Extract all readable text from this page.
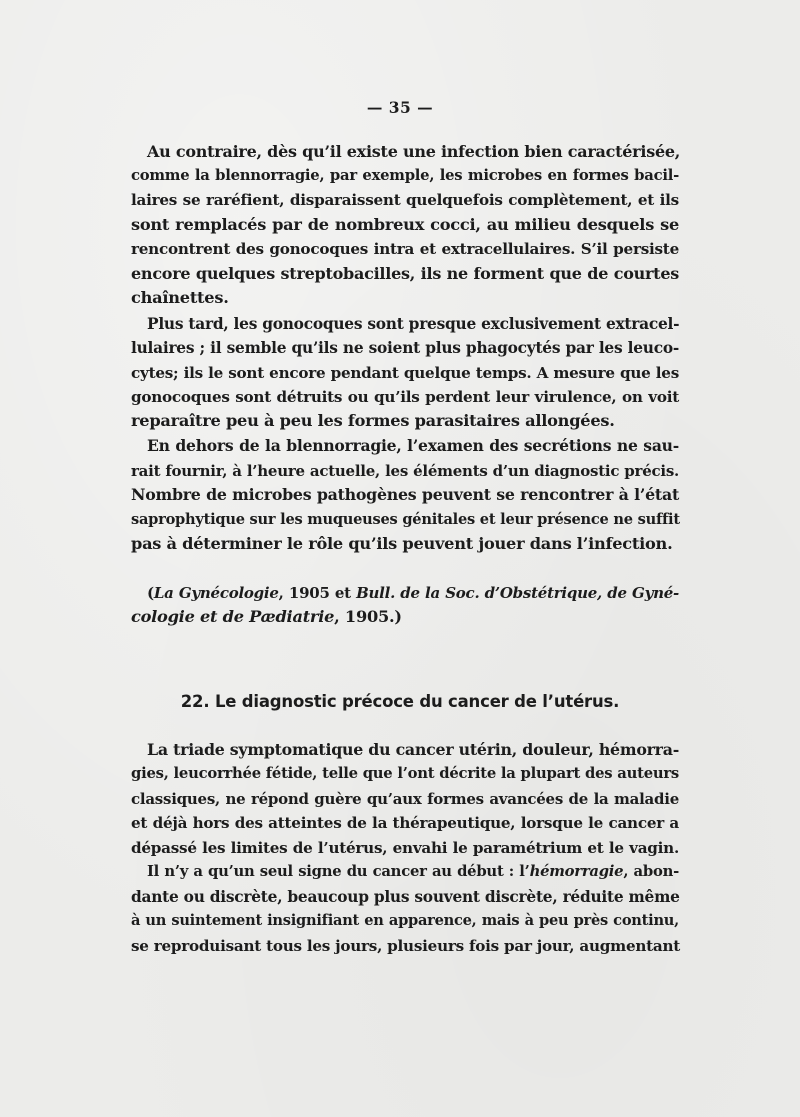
— 35 —
Au contraire, dès qu’il existe une infection bien caractérisée,
comme la blennorragie, par exemple, les microbes en formes bacil-
laires se raréfient, disparaissent quelquefois complètement, et ils
sont remplacés par de nombreux cocci, au milieu desquels se
rencontrent des gonocoques intra et extracellulaires. S’il persiste
encore quelques streptobacilles, ils ne forment que de courtes
chaînettes.
Plus tard, les gonocoques sont presque exclusivement extracel-
lulaires ; il semble qu’ils ne soient plus phagocytés par les leuco-
cytes; ils le sont encore pendant quelque temps. A mesure que les
gonocoques sont détruits ou qu’ils perdent leur virulence, on voit
reparaître peu à peu les formes parasitaires allongées.
En dehors de la blennorragie, l’examen des secrétions ne sau-
rait fournir, à l’heure actuelle, les éléments d’un diagnostic précis.
Nombre de microbes pathogènes peuvent se rencontrer à l’état
saprophytique sur les muqueuses génitales et leur présence ne suffit
pas à déterminer le rôle qu’ils peuvent jouer dans l’infection.
(La Gynécologie, 1905 et Bull. de la Soc. d’Obstétrique, de Gyné-
cologie et de Pædiatrie, 1905.)
22. Le diagnostic précoce du cancer de l’utérus.
La triade symptomatique du cancer utérin, douleur, hémorra-
gies, leucorrhée fétide, telle que l’ont décrite la plupart des auteurs
classiques, ne répond guère qu’aux formes avancées de la maladie
et déjà hors des atteintes de la thérapeutique, lorsque le cancer a
dépassé les limites de l’utérus, envahi le paramétrium et le vagin.
Il n’y a qu’un seul signe du cancer au début : l’hémorragie, abon-
dante ou discrète, beaucoup plus souvent discrète, réduite même
à un suintement insignifiant en apparence, mais à peu près continu,
se reproduisant tous les jours, plusieurs fois par jour, augmentant
